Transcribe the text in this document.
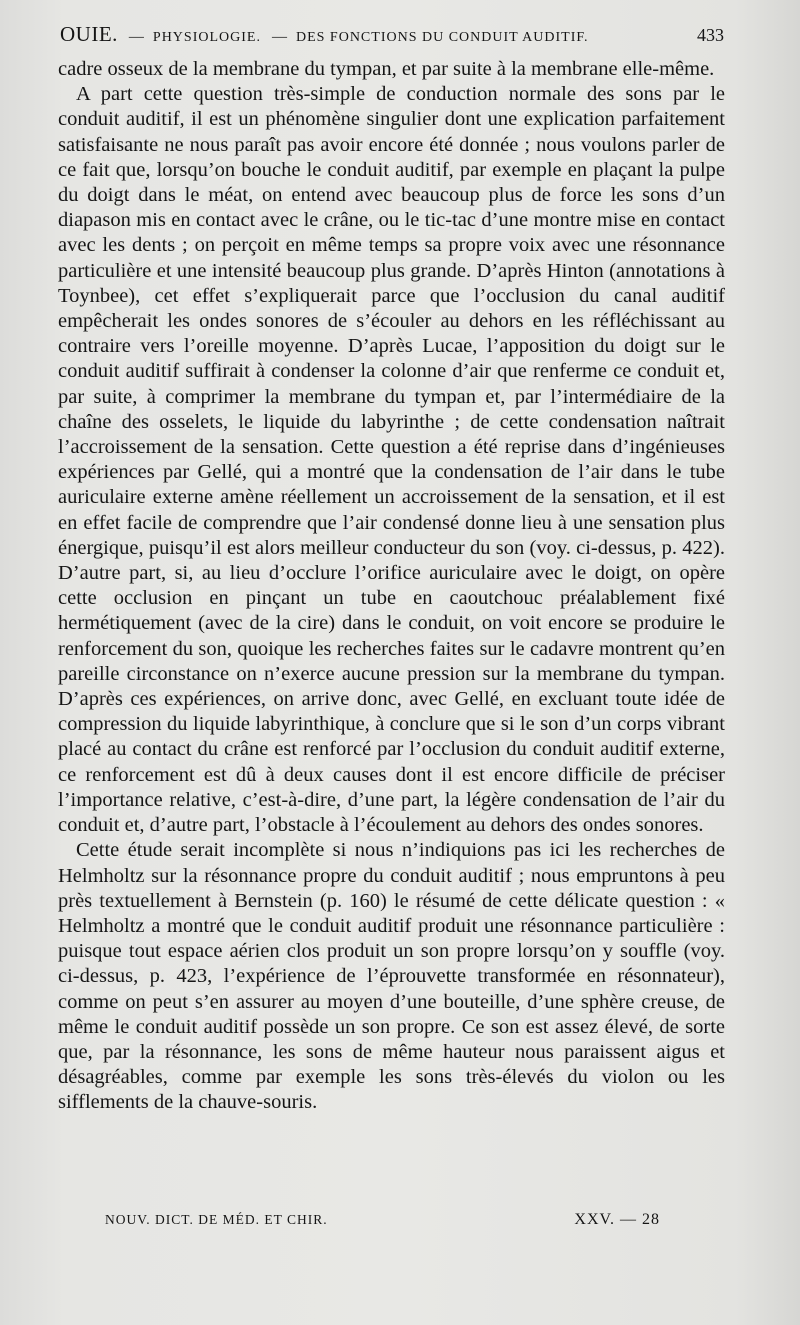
OUIE. — PHYSIOLOGIE. — DES FONCTIONS DU CONDUIT AUDITIF.	433

cadre osseux de la membrane du tympan, et par suite à la membrane elle-même.

A part cette question très-simple de conduction normale des sons par le conduit auditif, il est un phénomène singulier dont une explication parfaitement satisfaisante ne nous paraît pas avoir encore été donnée ; nous voulons parler de ce fait que, lorsqu’on bouche le conduit auditif, par exemple en plaçant la pulpe du doigt dans le méat, on entend avec beaucoup plus de force les sons d’un diapason mis en contact avec le crâne, ou le tic-tac d’une montre mise en contact avec les dents ; on perçoit en même temps sa propre voix avec une résonnance particulière et une intensité beaucoup plus grande. D’après Hinton (annotations à Toynbee), cet effet s’expliquerait parce que l’occlusion du canal auditif empêcherait les ondes sonores de s’écouler au dehors en les réfléchissant au contraire vers l’oreille moyenne. D’après Lucae, l’apposition du doigt sur le conduit auditif suffirait à condenser la colonne d’air que renferme ce conduit et, par suite, à comprimer la membrane du tympan et, par l’intermédiaire de la chaîne des osselets, le liquide du labyrinthe ; de cette condensation naîtrait l’accroissement de la sensation. Cette question a été reprise dans d’ingénieuses expériences par Gellé, qui a montré que la condensation de l’air dans le tube auriculaire externe amène réellement un accroissement de la sensation, et il est en effet facile de comprendre que l’air condensé donne lieu à une sensation plus énergique, puisqu’il est alors meilleur conducteur du son (voy. ci-dessus, p. 422). D’autre part, si, au lieu d’occlure l’orifice auriculaire avec le doigt, on opère cette occlusion en pinçant un tube en caoutchouc préalablement fixé hermétiquement (avec de la cire) dans le conduit, on voit encore se produire le renforcement du son, quoique les recherches faites sur le cadavre montrent qu’en pareille circonstance on n’exerce aucune pression sur la membrane du tympan. D’après ces expériences, on arrive donc, avec Gellé, en excluant toute idée de compression du liquide labyrinthique, à conclure que si le son d’un corps vibrant placé au contact du crâne est renforcé par l’occlusion du conduit auditif externe, ce renforcement est dû à deux causes dont il est encore difficile de préciser l’importance relative, c’est-à-dire, d’une part, la légère condensation de l’air du conduit et, d’autre part, l’obstacle à l’écoulement au dehors des ondes sonores.

Cette étude serait incomplète si nous n’indiquions pas ici les recherches de Helmholtz sur la résonnance propre du conduit auditif ; nous empruntons à peu près textuellement à Bernstein (p. 160) le résumé de cette délicate question : « Helmholtz a montré que le conduit auditif produit une résonnance particulière : puisque tout espace aérien clos produit un son propre lorsqu’on y souffle (voy. ci-dessus, p. 423, l’expérience de l’éprouvette transformée en résonnateur), comme on peut s’en assurer au moyen d’une bouteille, d’une sphère creuse, de même le conduit auditif possède un son propre. Ce son est assez élevé, de sorte que, par la résonnance, les sons de même hauteur nous paraissent aigus et désagréables, comme par exemple les sons très-élevés du violon ou les sifflements de la chauve-souris.

NOUV. DICT. DE MÉD. ET CHIR.	XXV. — 28
